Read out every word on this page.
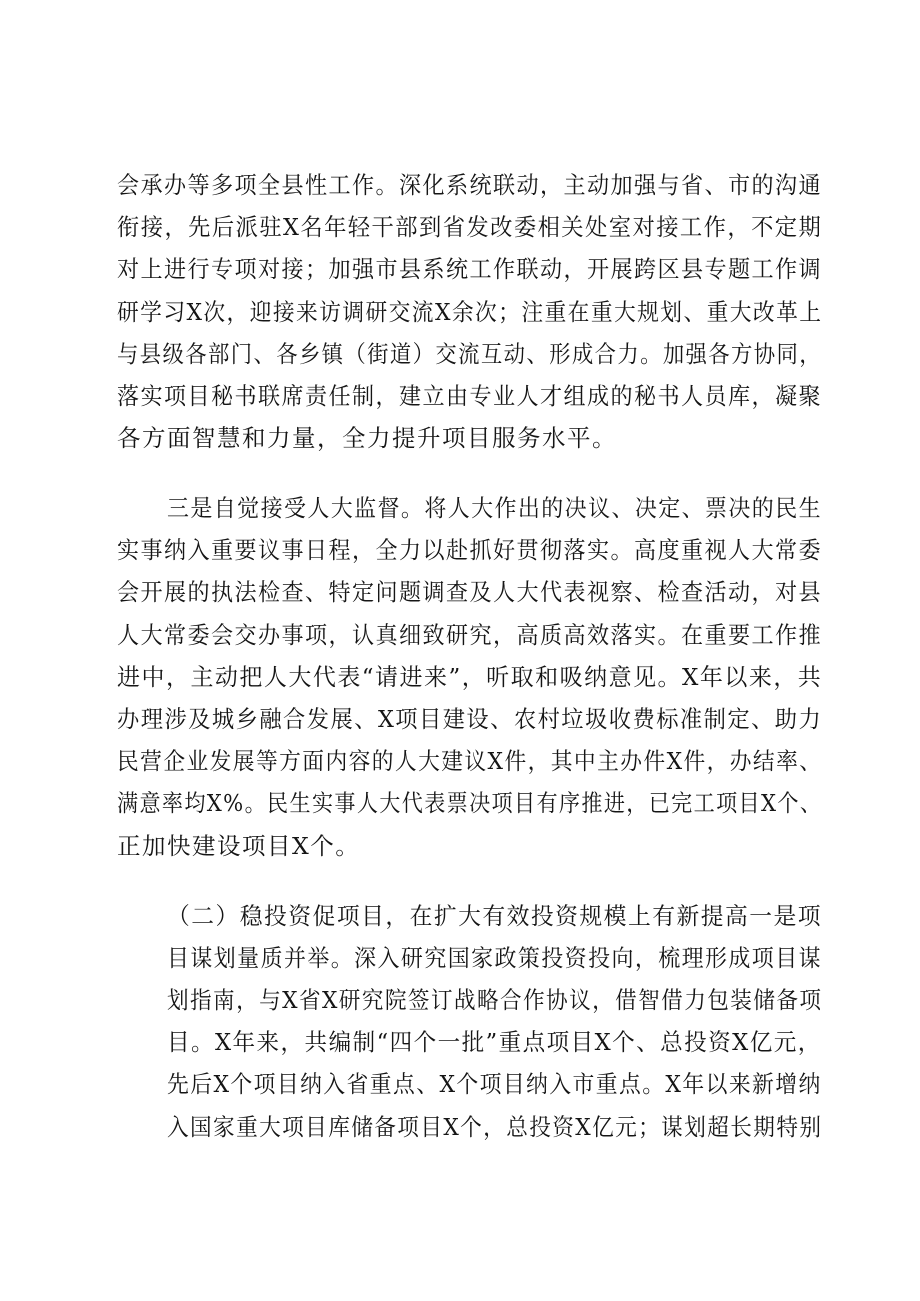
会承办等多项全县性工作。深化系统联动，主动加强与省、市的沟通
衔接，先后派驻X名年轻干部到省发改委相关处室对接工作，不定期
对上进行专项对接；加强市县系统工作联动，开展跨区县专题工作调
研学习X次，迎接来访调研交流X余次；注重在重大规划、重大改革上
与县级各部门、各乡镇（街道）交流互动、形成合力。加强各方协同，
落实项目秘书联席责任制，建立由专业人才组成的秘书人员库，凝聚
各方面智慧和力量，全力提升项目服务水平。
三是自觉接受人大监督。将人大作出的决议、决定、票决的民生
实事纳入重要议事日程，全力以赴抓好贯彻落实。高度重视人大常委
会开展的执法检查、特定问题调查及人大代表视察、检查活动，对县
人大常委会交办事项，认真细致研究，高质高效落实。在重要工作推
进中，主动把人大代表“请进来”，听取和吸纳意见。X年以来，共
办理涉及城乡融合发展、X项目建设、农村垃圾收费标准制定、助力
民营企业发展等方面内容的人大建议X件，其中主办件X件，办结率、
满意率均X%。民生实事人大代表票决项目有序推进，已完工项目X个、
正加快建设项目X个。
（二）稳投资促项目，在扩大有效投资规模上有新提高一是项
目谋划量质并举。深入研究国家政策投资投向，梳理形成项目谋
划指南，与X省X研究院签订战略合作协议，借智借力包装储备项
目。X年来，共编制“四个一批”重点项目X个、总投资X亿元，
先后X个项目纳入省重点、X个项目纳入市重点。X年以来新增纳
入国家重大项目库储备项目X个，总投资X亿元；谋划超长期特别
